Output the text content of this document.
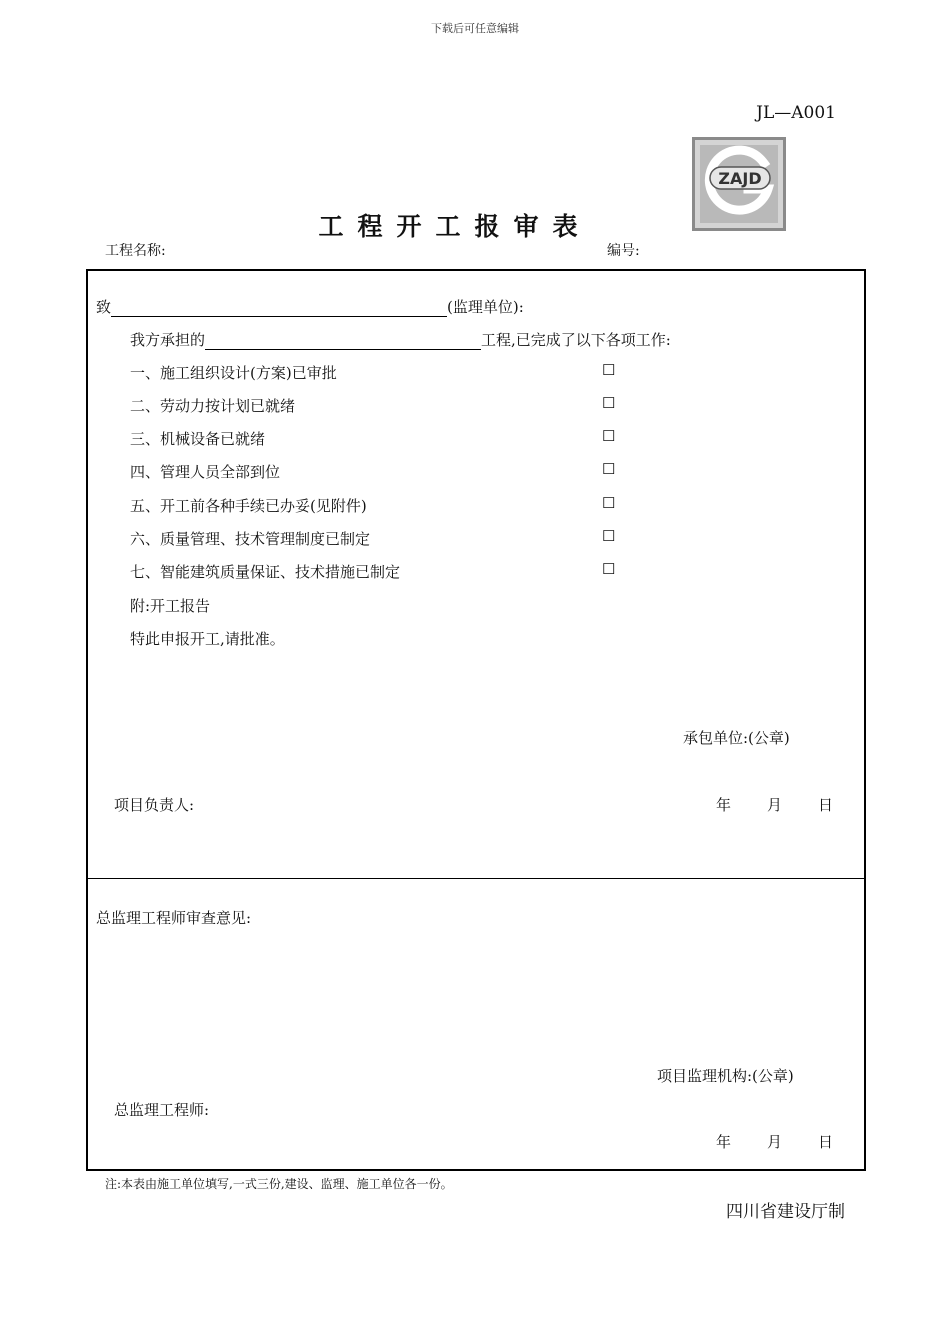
下载后可任意编辑
JL—A001
ZAJD
工程开工报审表
工程名称:	编号:
致	(监理单位):
我方承担的	工程,已完成了以下各项工作:
一、施工组织设计(方案)已审批	☐
二、劳动力按计划已就绪	☐
三、机械设备已就绪	☐
四、管理人员全部到位	☐
五、开工前各种手续已办妥(见附件)	☐
六、质量管理、技术管理制度已制定	☐
七、智能建筑质量保证、技术措施已制定	☐
附:开工报告
特此申报开工,请批准。
承包单位:(公章)
项目负责人:	年 月 日
总监理工程师审查意见:
项目监理机构:(公章)
总监理工程师:
年 月 日
注:本表由施工单位填写,一式三份,建设、监理、施工单位各一份。
四川省建设厅制
